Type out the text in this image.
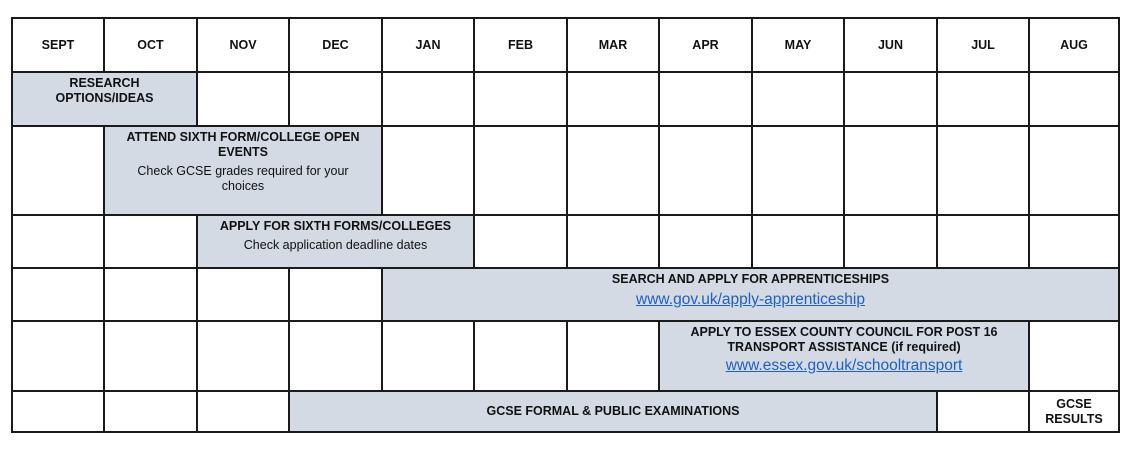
SEPT	OCT	NOV	DEC	JAN	FEB	MAR	APR	MAY	JUN	JUL	AUG

RESEARCH OPTIONS/IDEAS											

	ATTEND SIXTH FORM/COLLEGE OPEN EVENTS
Check GCSE grades required for your choices										

		APPLY FOR SIXTH FORMS/COLLEGES
Check application deadline dates									

				SEARCH AND APPLY FOR APPRENTICESHIPS
www.gov.uk/apply-apprenticeship							

							APPLY TO ESSEX COUNTY COUNCIL FOR POST 16 TRANSPORT ASSISTANCE (if required)
www.essex.gov.uk/schooltransport				

			GCSE FORMAL & PUBLIC EXAMINATIONS								GCSE RESULTS
